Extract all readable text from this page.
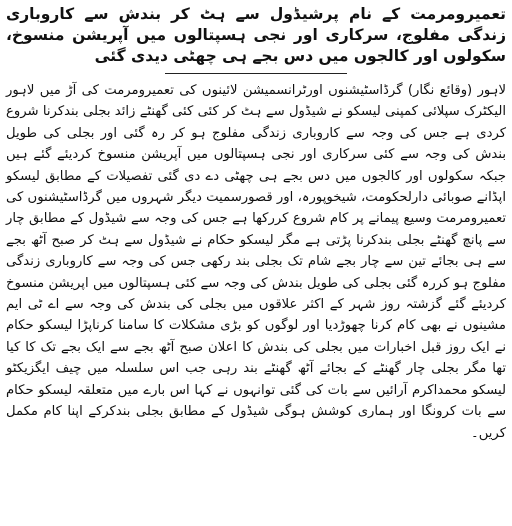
تعمیرومرمت کے نام پرشیڈول سے ہٹ کر بندش سے کاروباری زندگی مفلوج، سرکاری اور نجی ہسپتالوں میں آپریشن منسوخ، سکولوں اور کالجوں میں دس بجے ہی چھٹی دیدی گئی

لاہور (وقائع نگار) گرڈاسٹیشنوں اورٹرانسمیشن لائینوں کی تعمیرومرمت کی آڑ میں لاہور الیکٹرک سپلائی کمپنی لیسکو نے شیڈول سے ہٹ کر کئی کئی گھنٹے زائد بجلی بندکرنا شروع کردی ہے جس کی وجہ سے کاروباری زندگی مفلوج ہو کر رہ گئی اور بجلی کی طویل بندش کی وجہ سے کئی سرکاری اور نجی ہسپتالوں میں آپریشن منسوخ کردیئے گئے ہیں جبکہ سکولوں اور کالجوں میں دس بجے ہی چھٹی دے دی گئی تفصیلات کے مطابق لیسکو اپڈانے صوبائی دارلحکومت، شیخوپورہ، اور قصورسمیت دیگر شہروں میں گرڈاسٹیشنوں کی تعمیرومرمت وسیع پیمانے پر کام شروع کررکھا ہے جس کی وجہ سے شیڈول کے مطابق چار سے پانچ گھنٹے بجلی بندکرنا پڑتی ہے مگر لیسکو حکام نے شیڈول سے ہٹ کر صبح آٹھ بجے سے ہی بجائے تین سے چار بجے شام تک بجلی بند رکھی جس کی وجہ سے کاروباری زندگی مفلوج ہو کررہ گئی بجلی کی طویل بندش کی وجہ سے کئی ہسپتالوں میں اپریشن منسوخ کردیئے گئے گزشتہ روز شہر کے اکثر علاقوں میں بجلی کی بندش کی وجہ سے اے ٹی ایم مشینوں نے بھی کام کرنا چھوڑدیا اور لوگوں کو بڑی مشکلات کا سامنا کرناپڑا لیسکو حکام نے ایک روز قبل اخبارات میں بجلی کی بندش کا اعلان صبح آٹھ بجے سے ایک بجے تک کا کیا تھا مگر بجلی چار گھنٹے کے بجائے آٹھ گھنٹے بند رہی جب اس سلسلہ میں چیف ایگزیکٹو لیسکو محمداکرم آرائیں سے بات کی گئی توانہوں نے کہا اس بارے میں متعلقہ لیسکو حکام سے بات کرونگا اور ہماری کوشش ہوگی شیڈول کے مطابق بجلی بندکرکے اپنا کام مکمل کریں۔
